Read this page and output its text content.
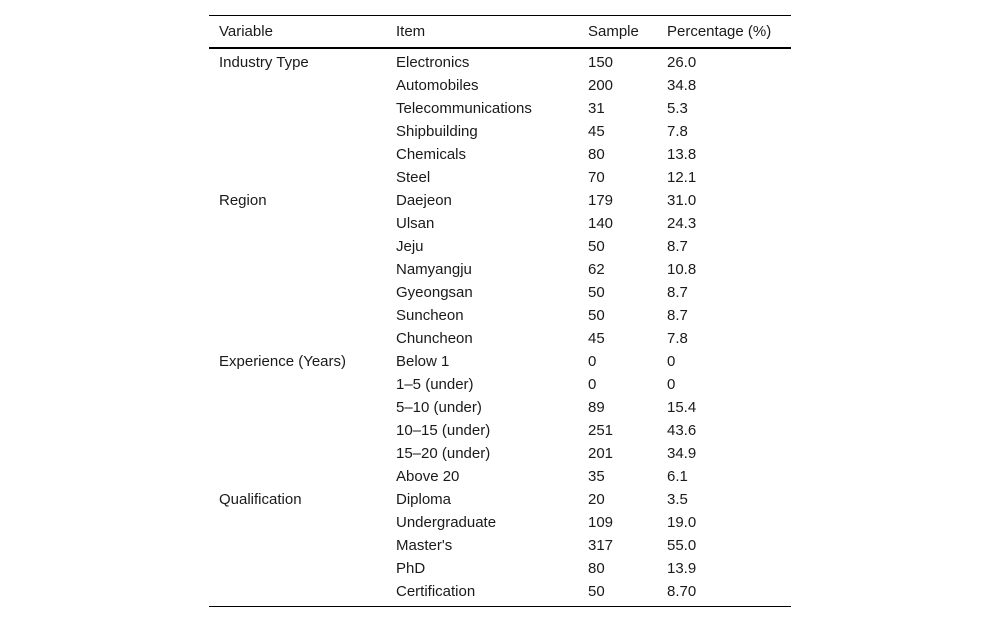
Variable	Item	Sample	Percentage (%)
Industry Type	Electronics	150	26.0
	Automobiles	200	34.8
	Telecommunications	31	5.3
	Shipbuilding	45	7.8
	Chemicals	80	13.8
	Steel	70	12.1
Region	Daejeon	179	31.0
	Ulsan	140	24.3
	Jeju	50	8.7
	Namyangju	62	10.8
	Gyeongsan	50	8.7
	Suncheon	50	8.7
	Chuncheon	45	7.8
Experience (Years)	Below 1	0	0
	1–5 (under)	0	0
	5–10 (under)	89	15.4
	10–15 (under)	251	43.6
	15–20 (under)	201	34.9
	Above 20	35	6.1
Qualification	Diploma	20	3.5
	Undergraduate	109	19.0
	Master's	317	55.0
	PhD	80	13.9
	Certification	50	8.70
